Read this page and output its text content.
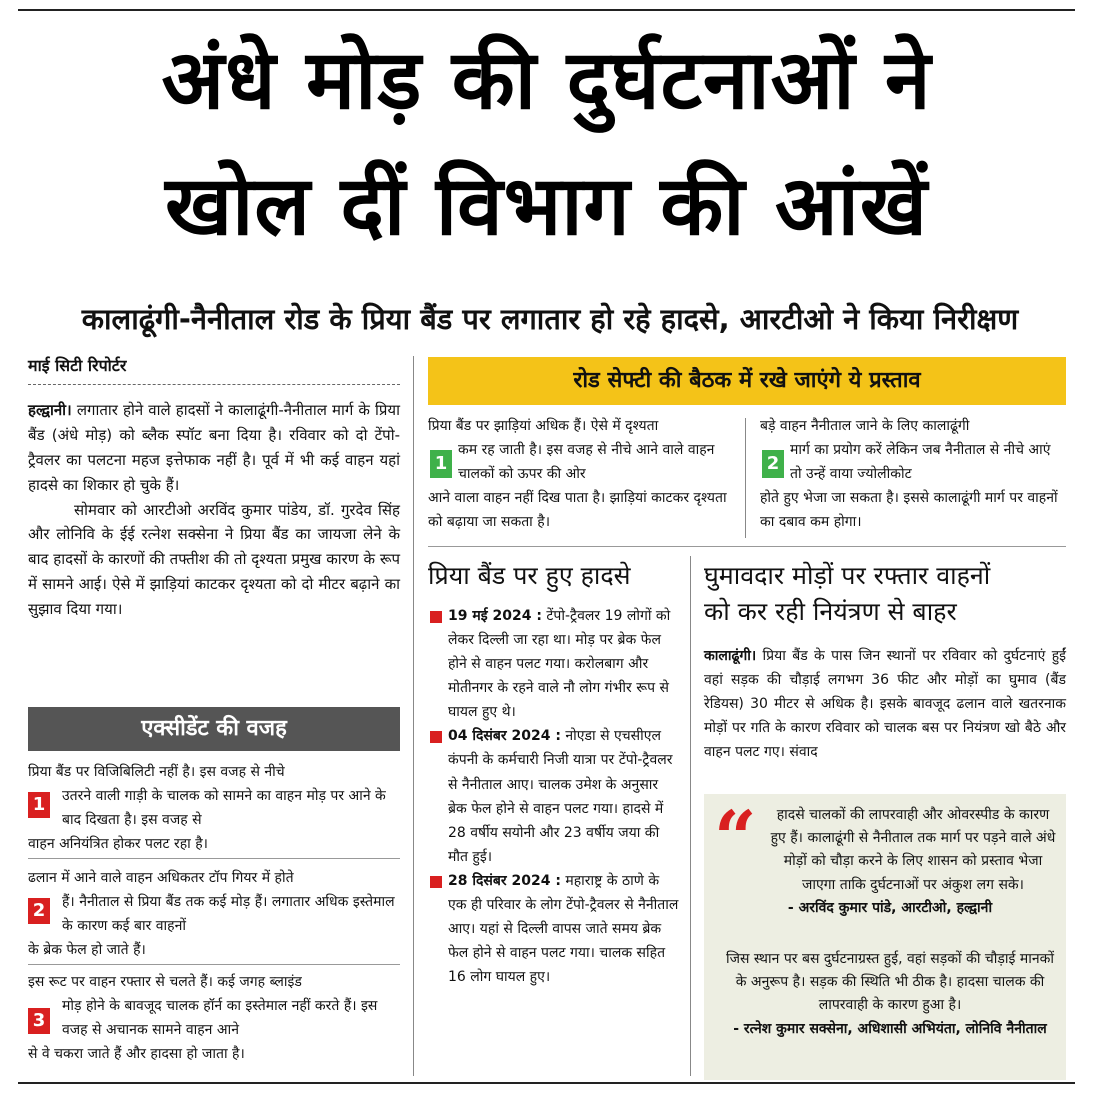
अंधे मोड़ की दुर्घटनाओं ने
खोल दीं विभाग की आंखें
कालाढूंगी-नैनीताल रोड के प्रिया बैंड पर लगातार हो रहे हादसे, आरटीओ ने किया निरीक्षण
माई सिटी रिपोर्टर

हल्द्वानी। लगातार होने वाले हादसों ने कालाढूंगी-नैनीताल मार्ग के प्रिया बैंड (अंधे मोड़) को ब्लैक स्पॉट बना दिया है। रविवार को दो टेंपो-ट्रैवलर का पलटना महज इत्तेफाक नहीं है। पूर्व में भी कई वाहन यहां हादसे का शिकार हो चुके हैं।

सोमवार को आरटीओ अरविंद कुमार पांडेय, डॉ. गुरदेव सिंह और लोनिवि के ईई रत्नेश सक्सेना ने प्रिया बैंड का जायजा लेने के बाद हादसों के कारणों की तफ्तीश की तो दृश्यता प्रमुख कारण के रूप में सामने आई। ऐसे में झाड़ियां काटकर दृश्यता को दो मीटर बढ़ाने का सुझाव दिया गया।

एक्सीडेंट की वजह
प्रिया बैंड पर विजिबिलिटी नहीं है। इस वजह से नीचे
1	उतरने वाली गाड़ी के चालक को सामने का वाहन मोड़ पर आने के बाद दिखता है। इस वजह से
वाहन अनियंत्रित होकर पलट रहा है।
ढलान में आने वाले वाहन अधिकतर टॉप गियर में होते
2	हैं। नैनीताल से प्रिया बैंड तक कई मोड़ हैं। लगातार अधिक इस्तेमाल के कारण कई बार वाहनों
के ब्रेक फेल हो जाते हैं।
इस रूट पर वाहन रफ्तार से चलते हैं। कई जगह ब्लाइंड
3
मोड़ होने के बावजूद चालक हॉर्न का इस्तेमाल नहीं करते हैं। इस वजह से अचानक सामने वाहन आने
से वे चकरा जाते हैं और हादसा हो जाता है।
रोड सेफ्टी की बैठक में रखे जाएंगे ये प्रस्ताव
प्रिया बैंड पर झाड़ियां अधिक हैं। ऐसे में दृश्यता
1
कम रह जाती है। इस वजह से नीचे आने वाले वाहन चालकों को ऊपर की ओर
आने वाला वाहन नहीं दिख पाता है। झाड़ियां काटकर दृश्यता को बढ़ाया जा सकता है।
बड़े वाहन नैनीताल जाने के लिए कालाढूंगी
2
मार्ग का प्रयोग करें लेकिन जब नैनीताल से नीचे आएं तो उन्हें वाया ज्योलीकोट
होते हुए भेजा जा सकता है। इससे कालाढूंगी मार्ग पर वाहनों का दबाव कम होगा।
प्रिया बैंड पर हुए हादसे
19 मई 2024 : टेंपो-ट्रैवलर 19 लोगों को लेकर दिल्ली जा रहा था। मोड़ पर ब्रेक फेल होने से वाहन पलट गया। करोलबाग और मोतीनगर के रहने वाले नौ लोग गंभीर रूप से घायल हुए थे।
04 दिसंबर 2024 : नोएडा से एचसीएल कंपनी के कर्मचारी निजी यात्रा पर टेंपो-ट्रैवलर से नैनीताल आए। चालक उमेश के अनुसार ब्रेक फेल होने से वाहन पलट गया। हादसे में 28 वर्षीय सयोनी और 23 वर्षीय जया की मौत हुई।
28 दिसंबर 2024 : महाराष्ट्र के ठाणे के एक ही परिवार के लोग टेंपो-ट्रैवलर से नैनीताल आए। यहां से दिल्ली वापस जाते समय ब्रेक फेल होने से वाहन पलट गया। चालक सहित 16 लोग घायल हुए।
घुमावदार मोड़ों पर रफ्तार वाहनों
को कर रही नियंत्रण से बाहर
कालाढूंगी। प्रिया बैंड के पास जिन स्थानों पर रविवार को दुर्घटनाएं हुईं वहां सड़क की चौड़ाई लगभग 36 फीट और मोड़ों का घुमाव (बैंड रेडियस) 30 मीटर से अधिक है। इसके बावजूद ढलान वाले खतरनाक मोड़ों पर गति के कारण रविवार को चालक बस पर नियंत्रण खो बैठे और वाहन पलट गए। संवाद
“	हादसे चालकों की लापरवाही और ओवरस्पीड के कारण हुए हैं। कालाढूंगी से नैनीताल तक मार्ग पर पड़ने वाले अंधे मोड़ों को चौड़ा करने के लिए शासन को प्रस्ताव भेजा जाएगा ताकि दुर्घटनाओं पर अंकुश लग सके।
- अरविंद कुमार पांडे, आरटीओ, हल्द्वानी
जिस स्थान पर बस दुर्घटनाग्रस्त हुई, वहां सड़कों की चौड़ाई मानकों के अनुरूप है। सड़क की स्थिति भी ठीक है। हादसा चालक की लापरवाही के कारण हुआ है।
- रत्नेश कुमार सक्सेना, अधिशासी अभियंता, लोनिवि नैनीताल
